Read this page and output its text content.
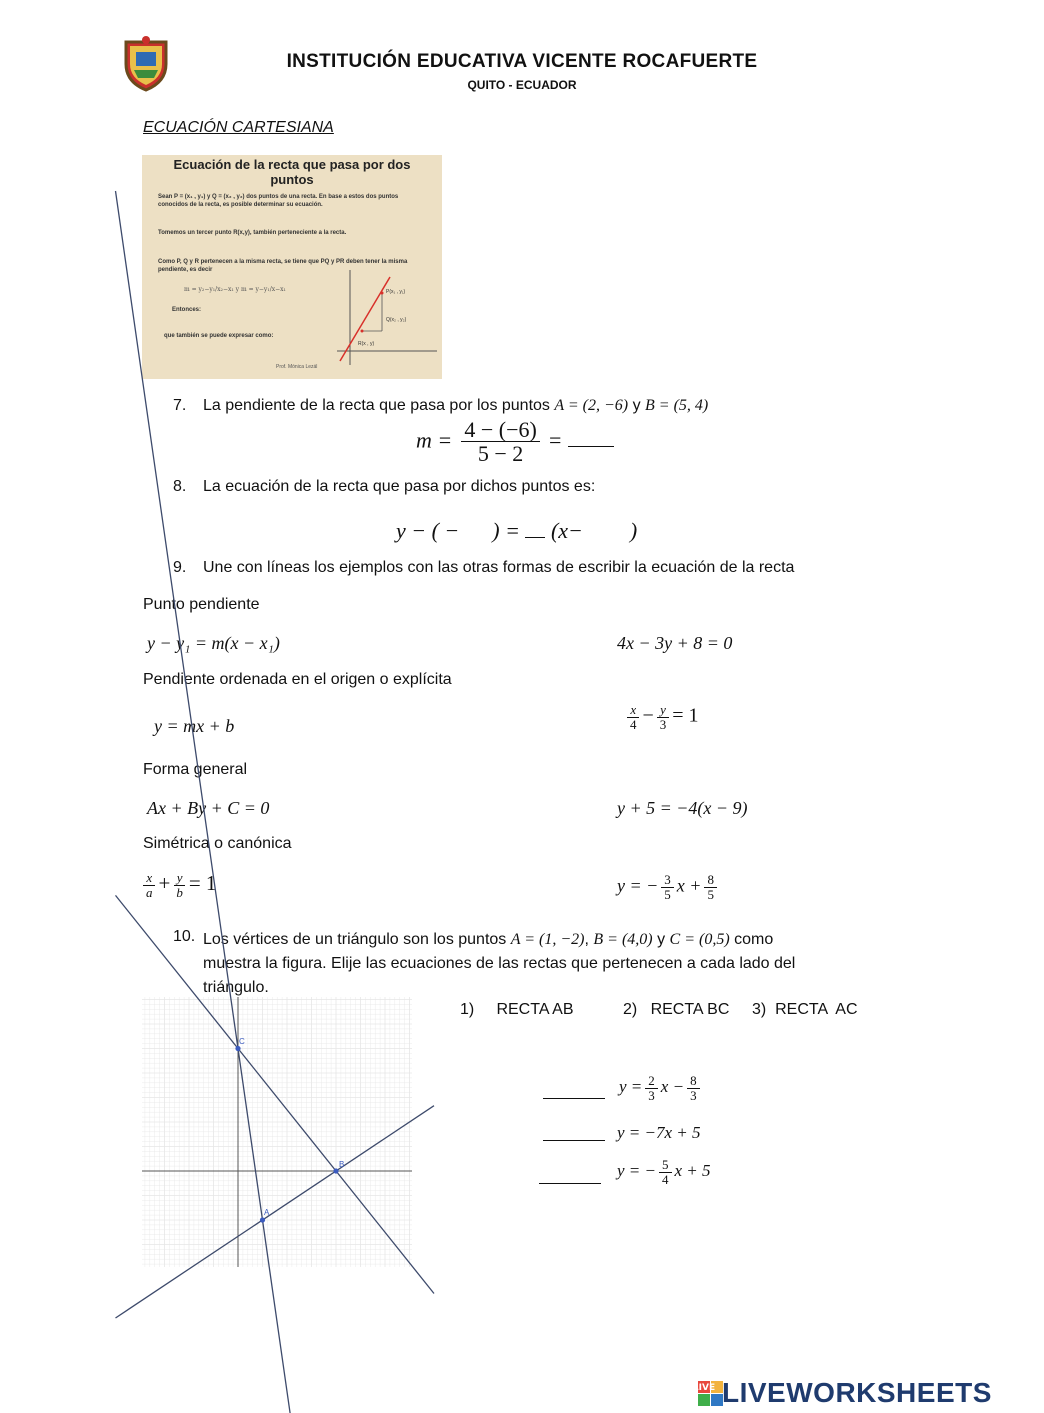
INSTITUCIÓN EDUCATIVA VICENTE ROCAFUERTE
QUITO - ECUADOR
ECUACIÓN CARTESIANA
Ecuación de la recta que pasa por dos
puntos
Sean P = (x₁ , y₁) y Q = (x₂ , y₂) dos puntos de una recta. En base a estos dos puntos conocidos de la recta, es posible determinar su ecuación.
Tomemos un tercer punto R(x,y), también perteneciente a la recta.
Como P, Q y R pertenecen a la misma recta, se tiene que PQ y PR deben tener la misma pendiente, es decir
m = y₂−y₁/x₂−x₁ y m = y−y₁/x−x₁
Entonces:
que también se puede expresar como:
Prof. Mónica Lezál
P(x₁ , y₁)
Q(x₂ , y₂)
R(x , y)
7. La pendiente de la recta que pasa por los puntos A = (2, −6) y B = (5, 4)
$m = \frac{4 - (-6)}{5 - 2}$ =
8. La ecuación de la recta que pasa por dichos puntos es:
y − ( − ) = (x− )
9. Une con líneas los ejemplos con las otras formas de escribir la ecuación de la recta
Punto pendiente
y − y₁ = m(x − x₁)	4x − 3y + 8 = 0
Pendiente ordenada en el origen o explícita
y = mx + b	$\frac{x}{4} - \frac{y}{3} = 1$
Forma general
Ax + By + C = 0	y + 5 = −4(x − 9)
Simétrica o canónica
$\frac{x}{a} + \frac{y}{b} = 1$	y = − $\frac{3}{5}$ $x + \frac{8}{5}$
10. Los vértices de un triángulo son los puntos A = (1, −2), B = (4,0) y C = (0,5) como
muestra la figura. Elije las ecuaciones de las rectas que pertenecen a cada lado del
triángulo.
C
B
A
1)     RECTA AB	2)   RECTA BC 3)  RECTA  AC
$y = \frac{2}{3}$ $x - \frac{8}{3}$
y = −7x + 5
y = − $\frac{5}{4}$ x + 5
LIVE LIVEWORKSHEETS
